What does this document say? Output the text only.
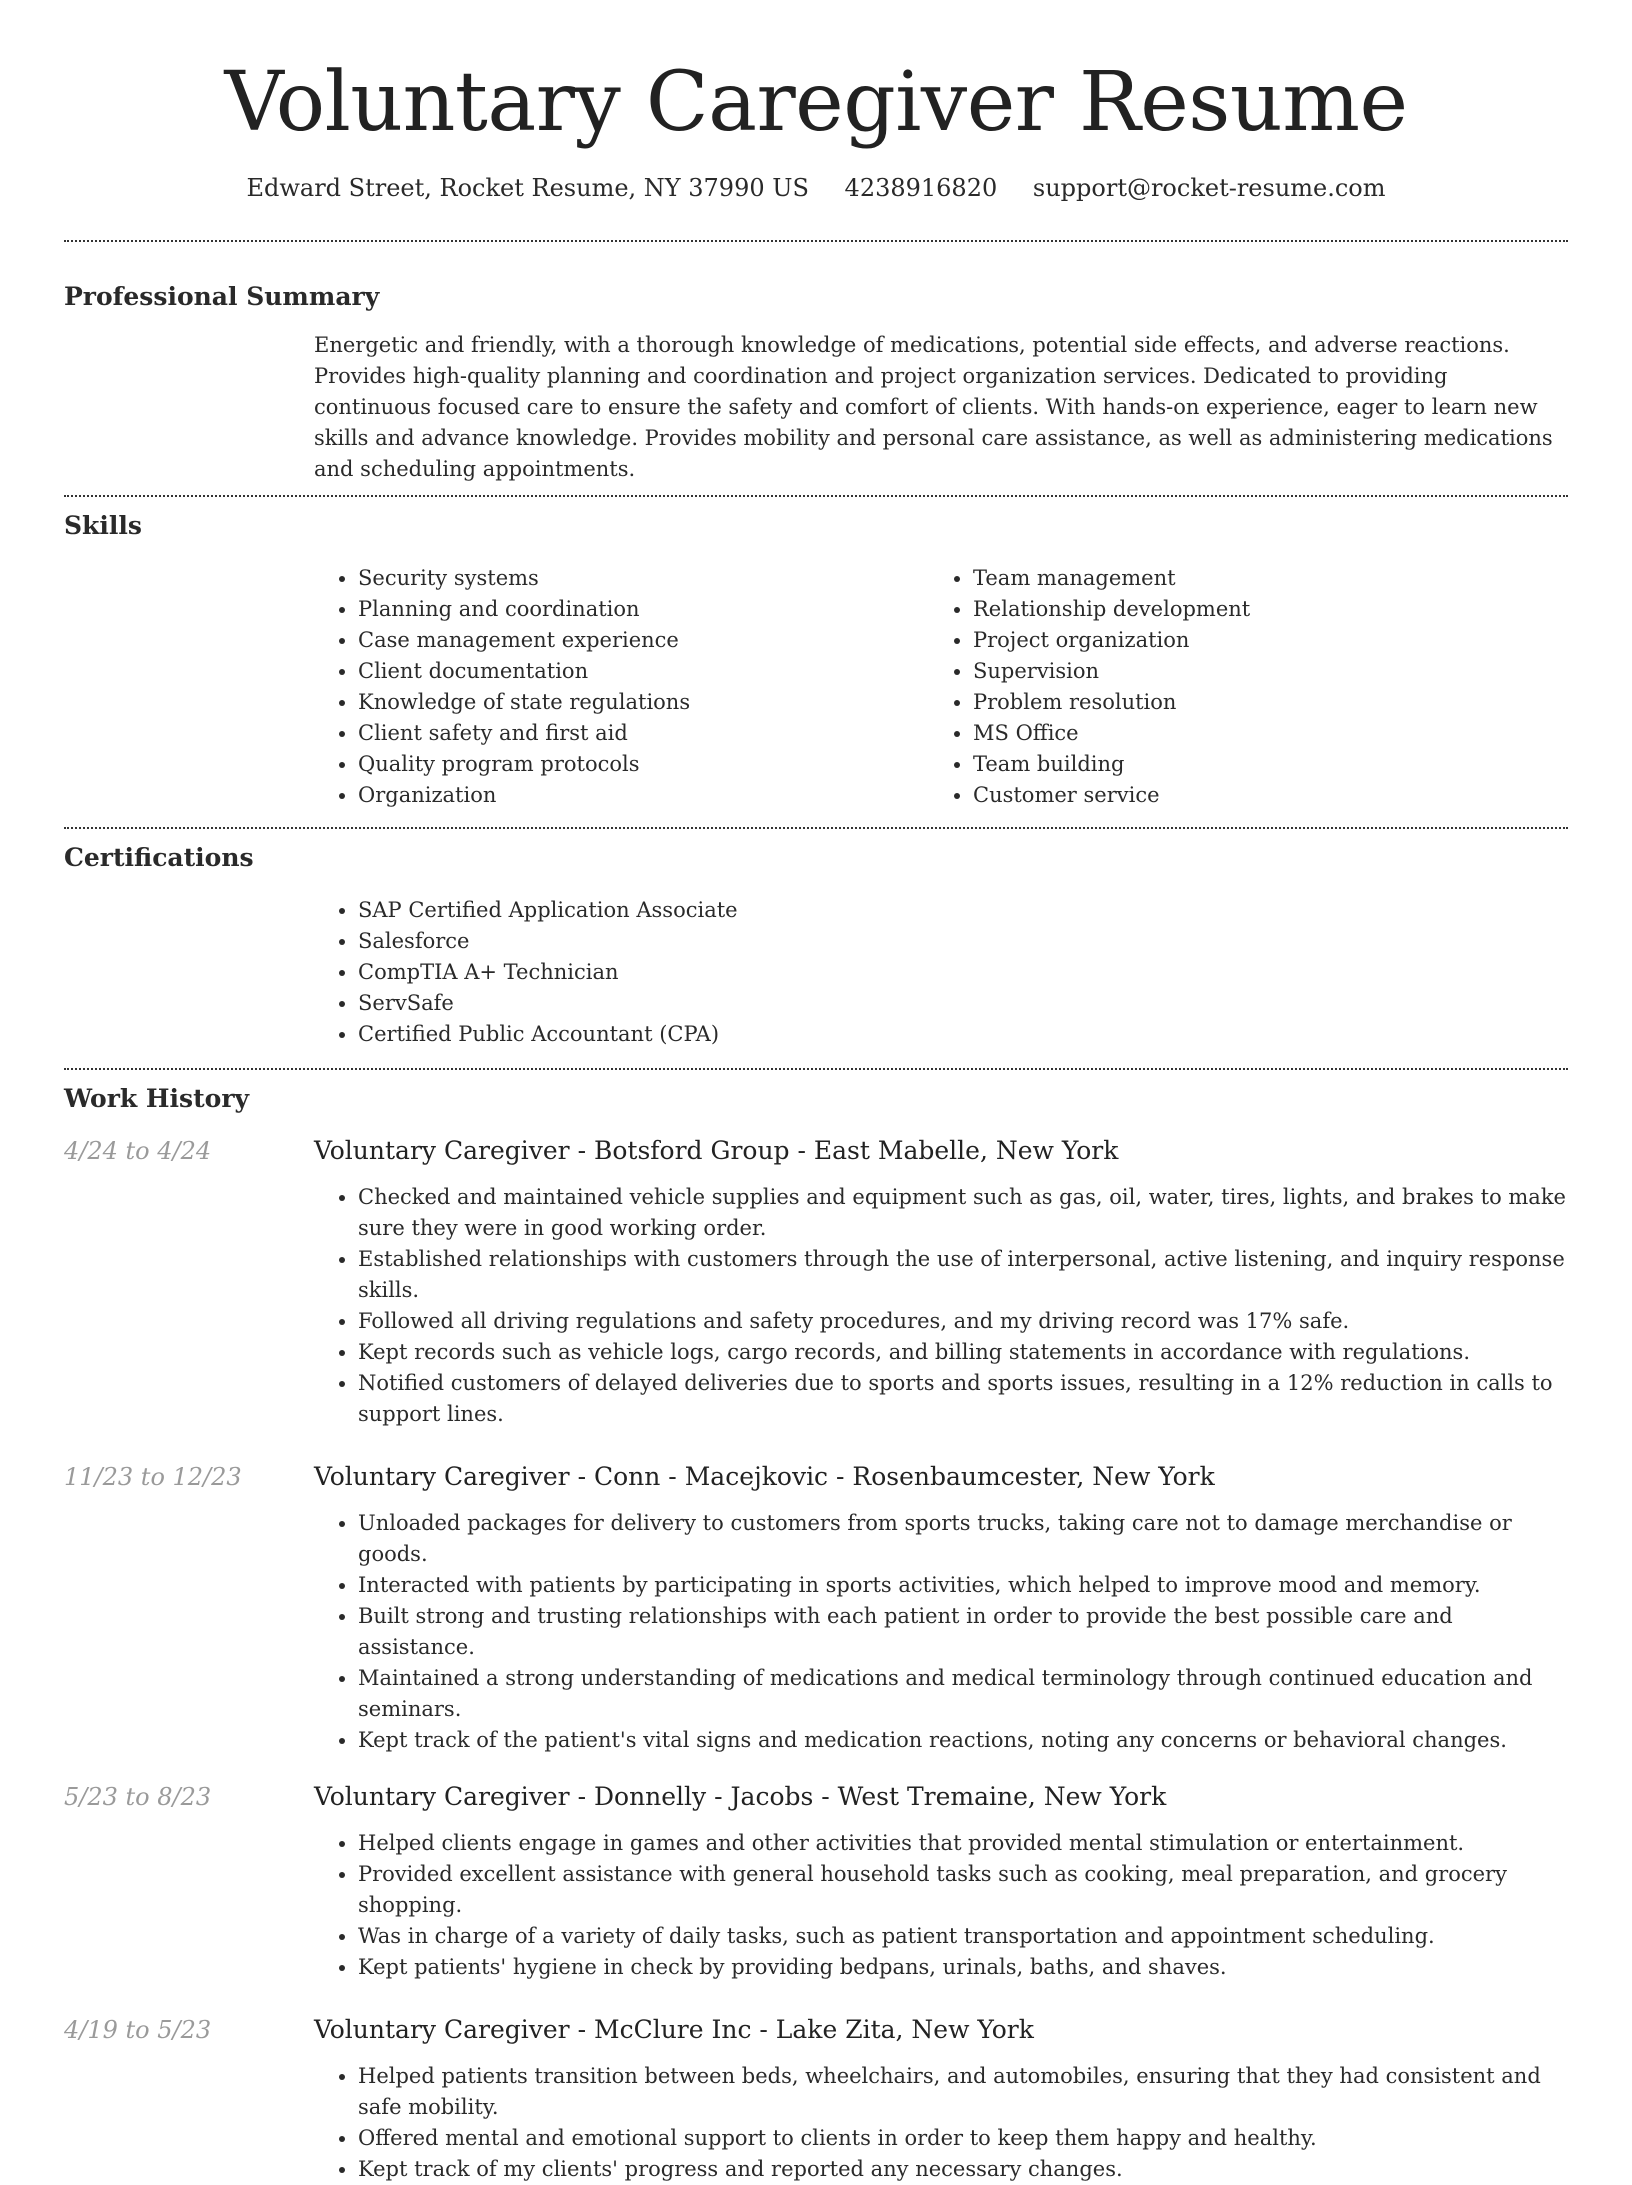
Voluntary Caregiver Resume
Edward Street, Rocket Resume, NY 37990 US 4238916820 support@rocket-resume.com
Professional Summary

Energetic and friendly, with a thorough knowledge of medications, potential side effects, and adverse reactions. Provides high-quality planning and coordination and project organization services. Dedicated to providing continuous focused care to ensure the safety and comfort of clients. With hands-on experience, eager to learn new skills and advance knowledge. Provides mobility and personal care assistance, as well as administering medications and scheduling appointments.

Skills
• Security systems
• Planning and coordination
• Case management experience
• Client documentation
• Knowledge of state regulations
• Client safety and first aid
• Quality program protocols
• Organization
• Team management
• Relationship development
• Project organization
• Supervision
• Problem resolution
• MS Office
• Team building
• Customer service
Certifications
• SAP Certified Application Associate
• Salesforce
• CompTIA A+ Technician
• ServSafe
• Certified Public Accountant (CPA)
Work History
4/24 to 4/24	Voluntary Caregiver - Botsford Group - East Mabelle, New York
• Checked and maintained vehicle supplies and equipment such as gas, oil, water, tires, lights, and brakes to make sure they were in good working order.
• Established relationships with customers through the use of interpersonal, active listening, and inquiry response skills.
• Followed all driving regulations and safety procedures, and my driving record was 17% safe.
• Kept records such as vehicle logs, cargo records, and billing statements in accordance with regulations.
• Notified customers of delayed deliveries due to sports and sports issues, resulting in a 12% reduction in calls to support lines.
11/23 to 12/23	Voluntary Caregiver - Conn - Macejkovic - Rosenbaumcester, New York
• Unloaded packages for delivery to customers from sports trucks, taking care not to damage merchandise or goods.
• Interacted with patients by participating in sports activities, which helped to improve mood and memory.
• Built strong and trusting relationships with each patient in order to provide the best possible care and assistance.
• Maintained a strong understanding of medications and medical terminology through continued education and seminars.
• Kept track of the patient's vital signs and medication reactions, noting any concerns or behavioral changes.
5/23 to 8/23	Voluntary Caregiver - Donnelly - Jacobs - West Tremaine, New York
• Helped clients engage in games and other activities that provided mental stimulation or entertainment.
• Provided excellent assistance with general household tasks such as cooking, meal preparation, and grocery shopping.
• Was in charge of a variety of daily tasks, such as patient transportation and appointment scheduling.
• Kept patients' hygiene in check by providing bedpans, urinals, baths, and shaves.
4/19 to 5/23	Voluntary Caregiver - McClure Inc - Lake Zita, New York
• Helped patients transition between beds, wheelchairs, and automobiles, ensuring that they had consistent and safe mobility.
• Offered mental and emotional support to clients in order to keep them happy and healthy.
• Kept track of my clients' progress and reported any necessary changes.
